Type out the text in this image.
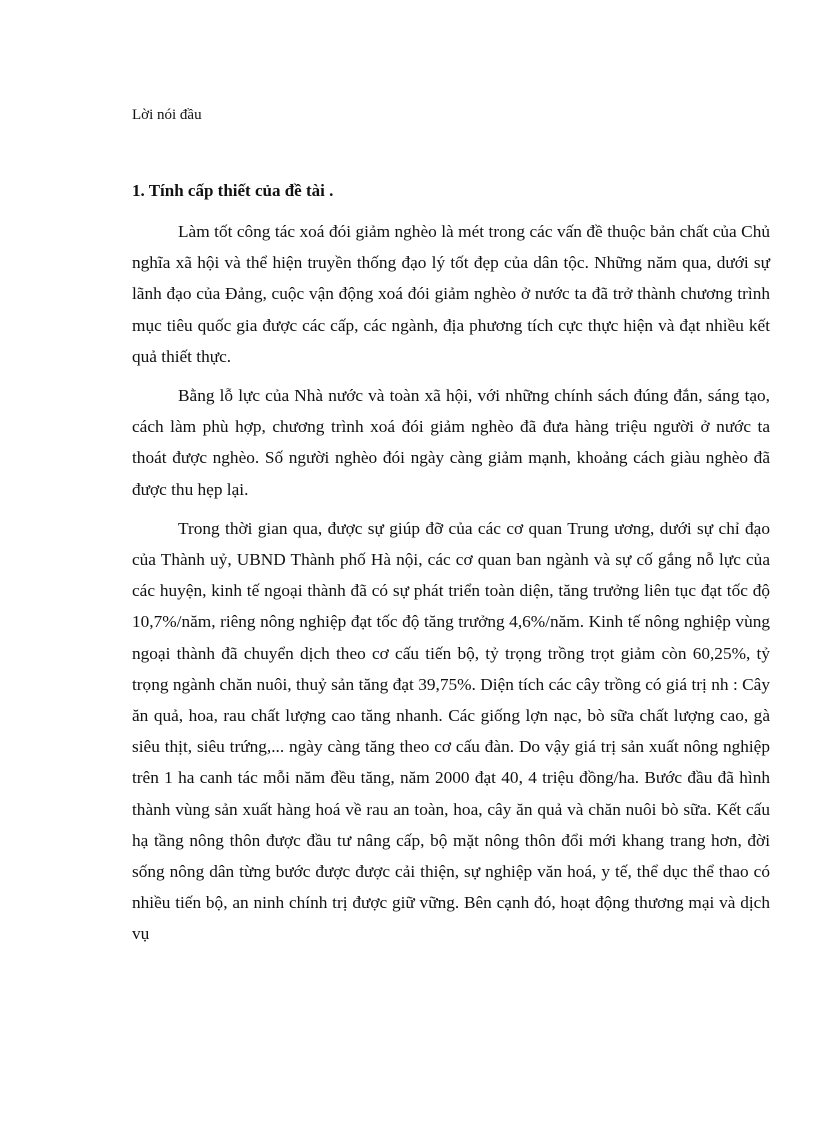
Lời nói đầu

1. Tính cấp thiết của đề tài .

Làm tốt công tác xoá đói giảm nghèo là mét trong các vấn đề thuộc bản chất của Chủ nghĩa xã hội và thể hiện truyền thống đạo lý tốt đẹp của dân tộc. Những năm qua, dưới sự lãnh đạo của Đảng, cuộc vận động xoá đói giảm nghèo ở nước ta đã trở thành chương trình mục tiêu quốc gia được các cấp, các ngành, địa phương tích cực thực hiện và đạt nhiều kết quả thiết thực.

Bằng lỗ lực của Nhà nước và toàn xã hội, với những chính sách đúng đắn, sáng tạo, cách làm phù hợp, chương trình xoá đói giảm nghèo đã đưa hàng triệu người ở nước ta thoát được nghèo. Số người nghèo đói ngày càng giảm mạnh, khoảng cách giàu nghèo đã được thu hẹp lại.

Trong thời gian qua, được sự giúp đỡ của các cơ quan Trung ương, dưới sự chỉ đạo của Thành uỷ, UBND Thành phố Hà nội, các cơ quan ban ngành và sự cố gắng nỗ lực của các huyện, kinh tế ngoại thành đã có sự phát triển toàn diện, tăng trưởng liên tục đạt tốc độ 10,7%/năm, riêng nông nghiệp đạt tốc độ tăng trưởng 4,6%/năm. Kinh tế nông nghiệp vùng ngoại thành đã chuyển dịch theo cơ cấu tiến bộ, tỷ trọng trồng trọt giảm còn 60,25%, tỷ trọng ngành chăn nuôi, thuỷ sản tăng đạt 39,75%. Diện tích các cây trồng có giá trị nh : Cây ăn quả, hoa, rau chất lượng cao tăng nhanh. Các giống lợn nạc, bò sữa chất lượng cao, gà siêu thịt, siêu trứng,... ngày càng tăng theo cơ cấu đàn. Do vậy giá trị sản xuất nông nghiệp trên 1 ha canh tác mỗi năm đều tăng, năm 2000 đạt 40, 4 triệu đồng/ha. Bước đầu đã hình thành vùng sản xuất hàng hoá về rau an toàn, hoa, cây ăn quả và chăn nuôi bò sữa. Kết cấu hạ tầng nông thôn được đầu tư nâng cấp, bộ mặt nông thôn đổi mới khang trang hơn, đời sống nông dân từng bước được được cải thiện, sự nghiệp văn hoá, y tế, thể dục thể thao có nhiều tiến bộ, an ninh chính trị được giữ vững. Bên cạnh đó, hoạt động thương mại và dịch vụ
